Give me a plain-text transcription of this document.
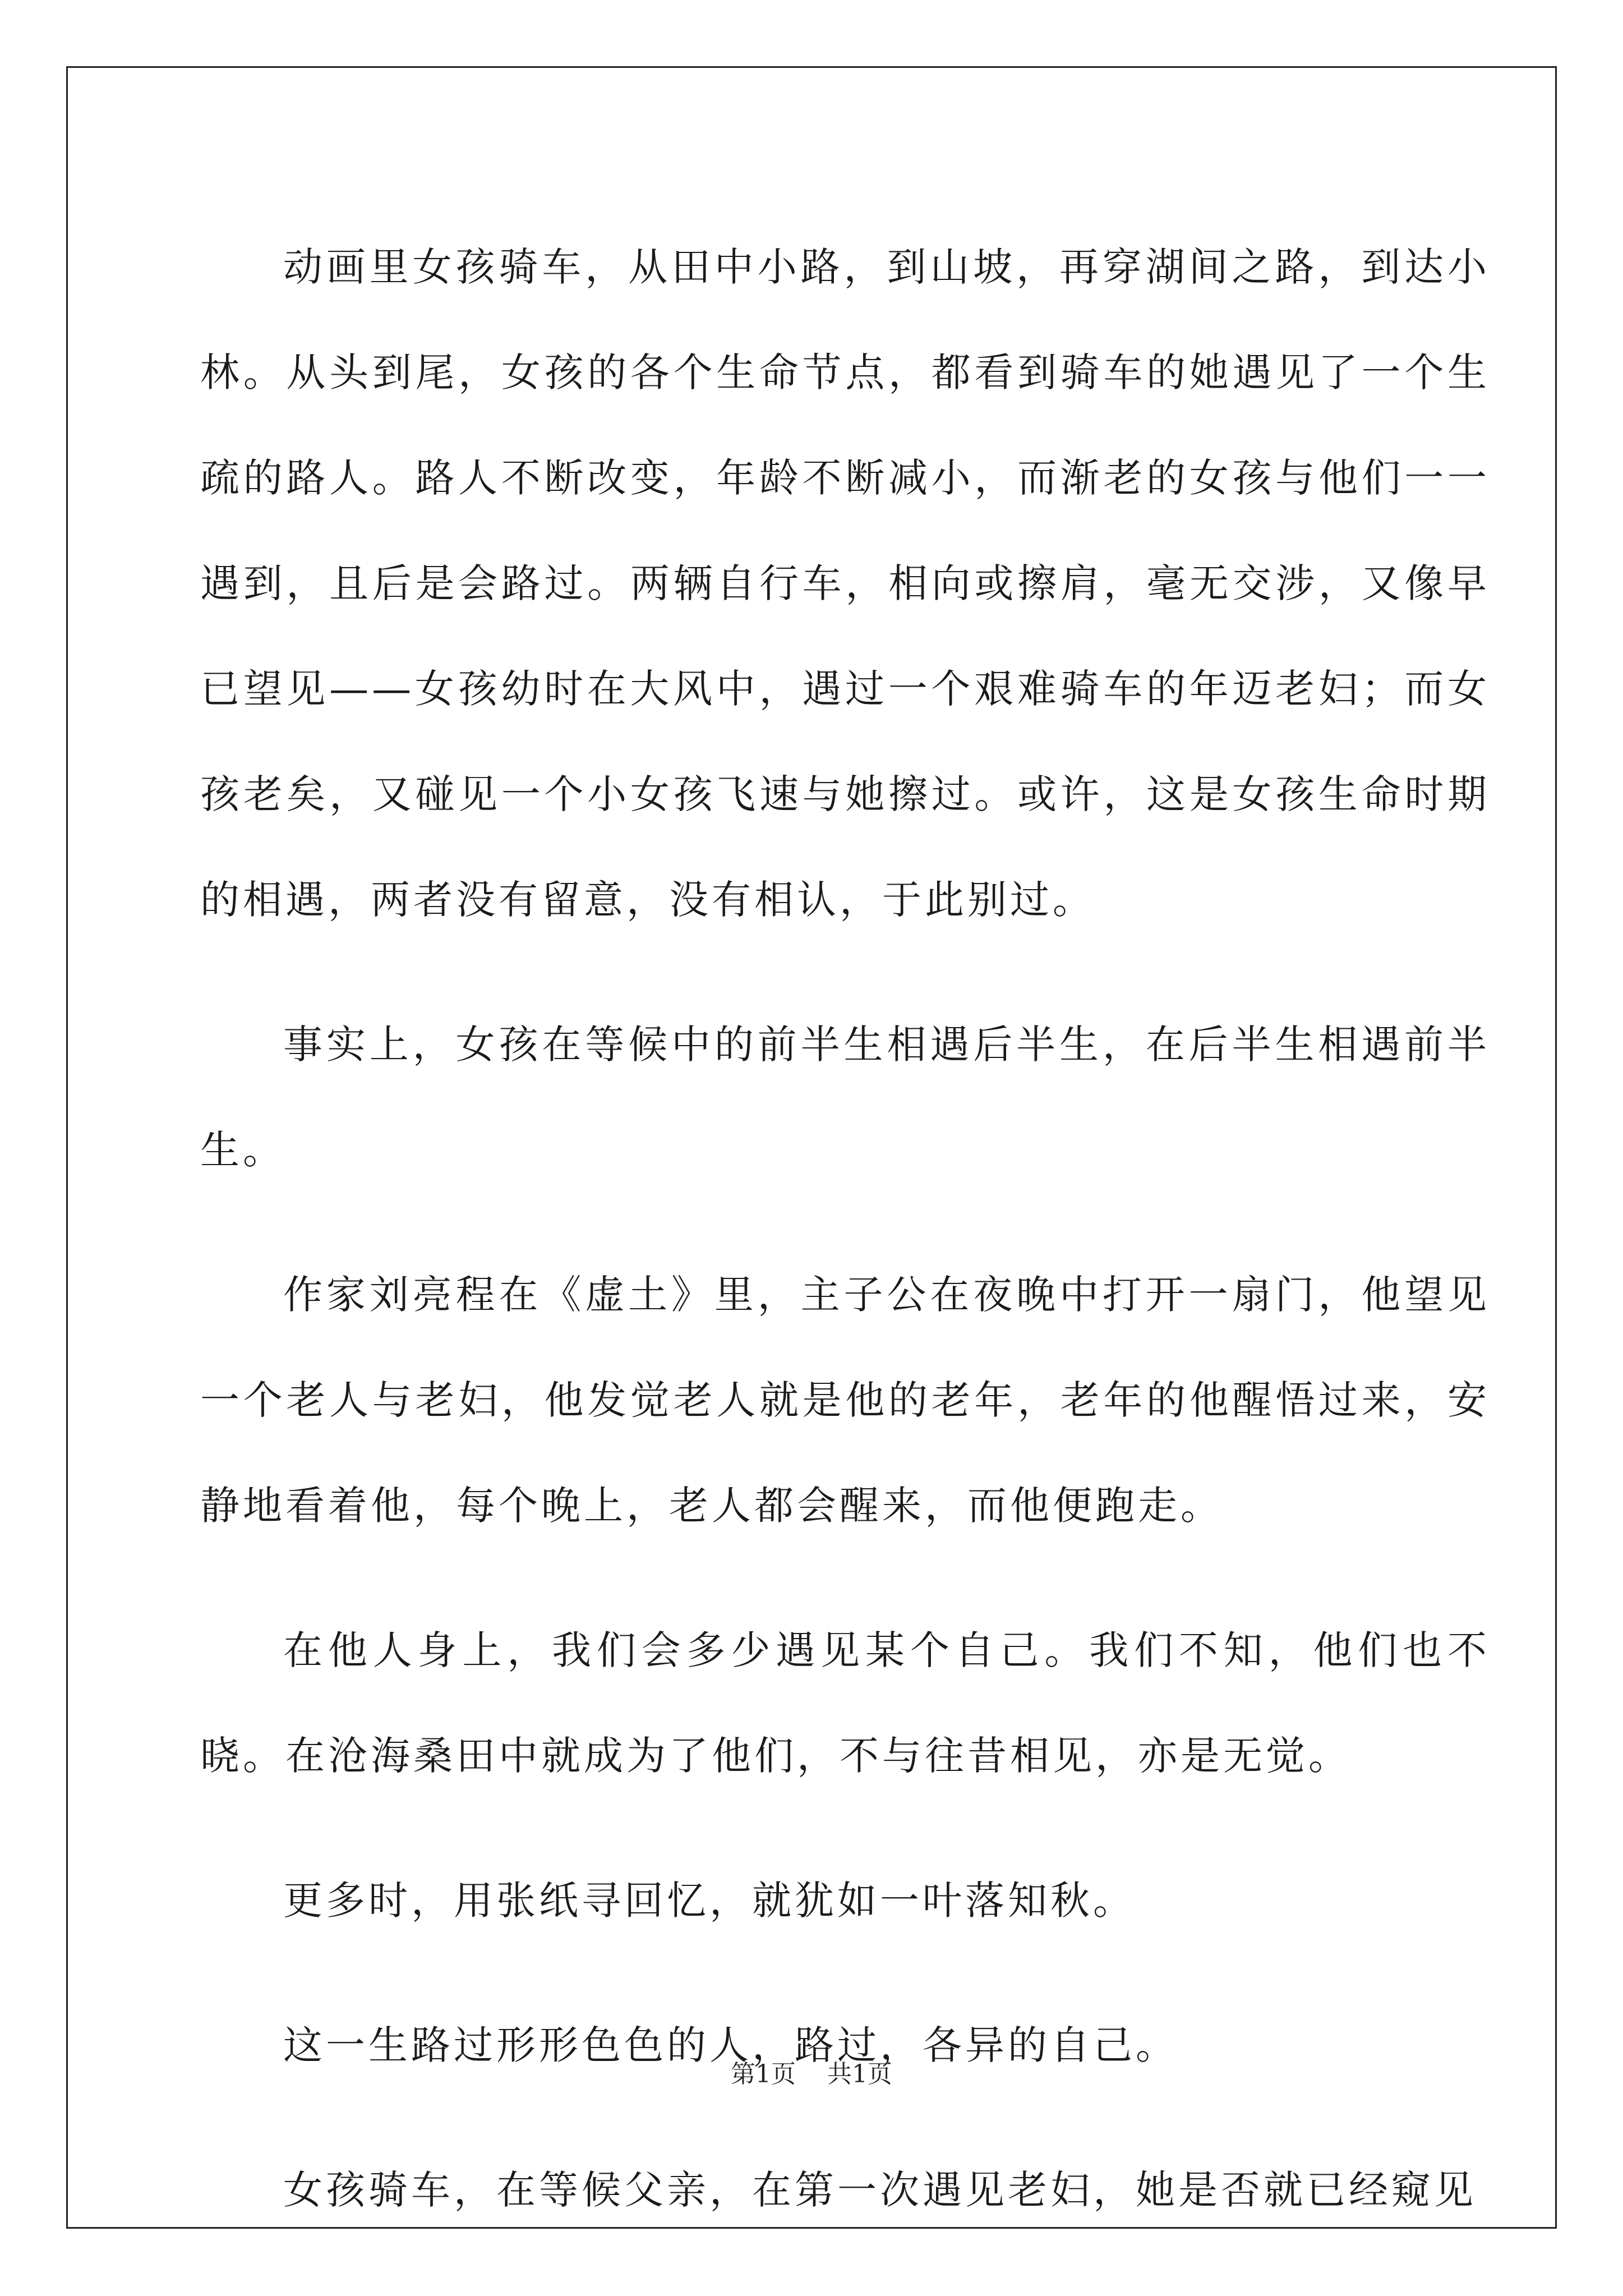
动画里女孩骑车，从田中小路，到山坡，再穿湖间之路，到达小林。从头到尾，女孩的各个生命节点，都看到骑车的她遇见了一个生疏的路人。路人不断改变，年龄不断减小，而渐老的女孩与他们一一遇到，且后是会路过。两辆自行车，相向或擦肩，毫无交涉，又像早已望见——女孩幼时在大风中，遇过一个艰难骑车的年迈老妇；而女孩老矣，又碰见一个小女孩飞速与她擦过。或许，这是女孩生命时期的相遇，两者没有留意，没有相认，于此别过。

事实上，女孩在等候中的前半生相遇后半生，在后半生相遇前半生。

作家刘亮程在《虚土》里，主子公在夜晚中打开一扇门，他望见一个老人与老妇，他发觉老人就是他的老年，老年的他醒悟过来，安静地看着他，每个晚上，老人都会醒来，而他便跑走。

在他人身上，我们会多少遇见某个自己。我们不知，他们也不晓。在沧海桑田中就成为了他们，不与往昔相见，亦是无觉。

更多时，用张纸寻回忆，就犹如一叶落知秋。

这一生路过形形色色的人，路过，各异的自己。

女孩骑车，在等候父亲，在第一次遇见老妇，她是否就已经窥见

第1页 共1页
